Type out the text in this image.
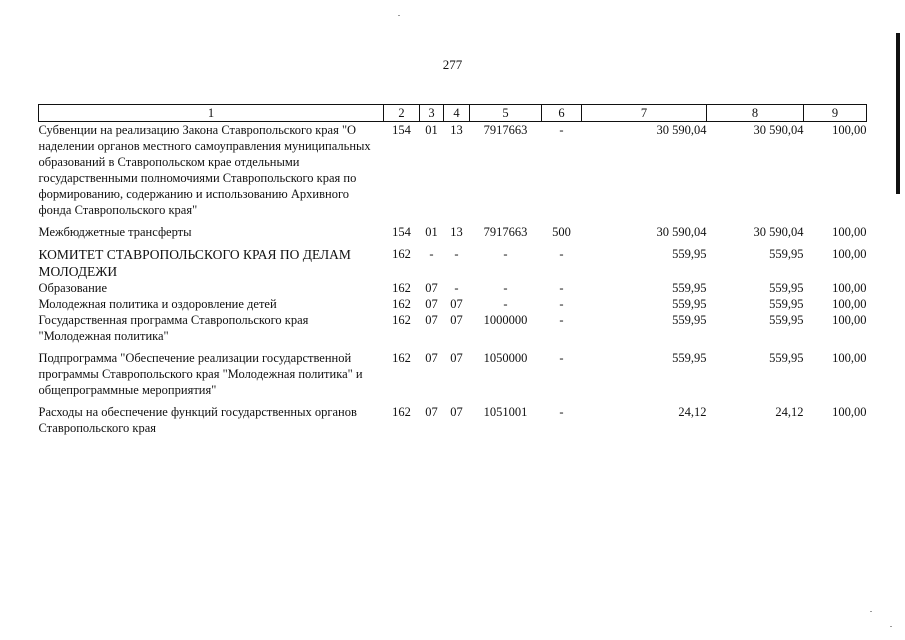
277
1	2	3	4	5	6	7	8	9
Субвенции на реализацию Закона Ставропольского края "О наделении органов местного самоуправления муниципальных образований в Ставропольском крае отдельными государственными полномочиями Ставропольского края по формированию, содержанию и использованию Архивного фонда Ставропольского края"	154	01	13	7917663	-	30 590,04	30 590,04	100,00
Межбюджетные трансферты	154	01	13	7917663	500	30 590,04	30 590,04	100,00
КОМИТЕТ СТАВРОПОЛЬСКОГО КРАЯ ПО ДЕЛАМ МОЛОДЕЖИ	162	-	-	-	-	559,95	559,95	100,00
Образование	162	07	-	-	-	559,95	559,95	100,00
Молодежная политика и оздоровление детей	162	07	07	-	-	559,95	559,95	100,00
Государственная программа Ставропольского края "Молодежная политика"	162	07	07	1000000	-	559,95	559,95	100,00
Подпрограмма "Обеспечение реализации государственной программы Ставропольского края "Молодежная политика" и общепрограммные мероприятия"	162	07	07	1050000	-	559,95	559,95	100,00
Расходы на обеспечение функций государственных органов Ставропольского края	162	07	07	1051001	-	24,12	24,12	100,00
